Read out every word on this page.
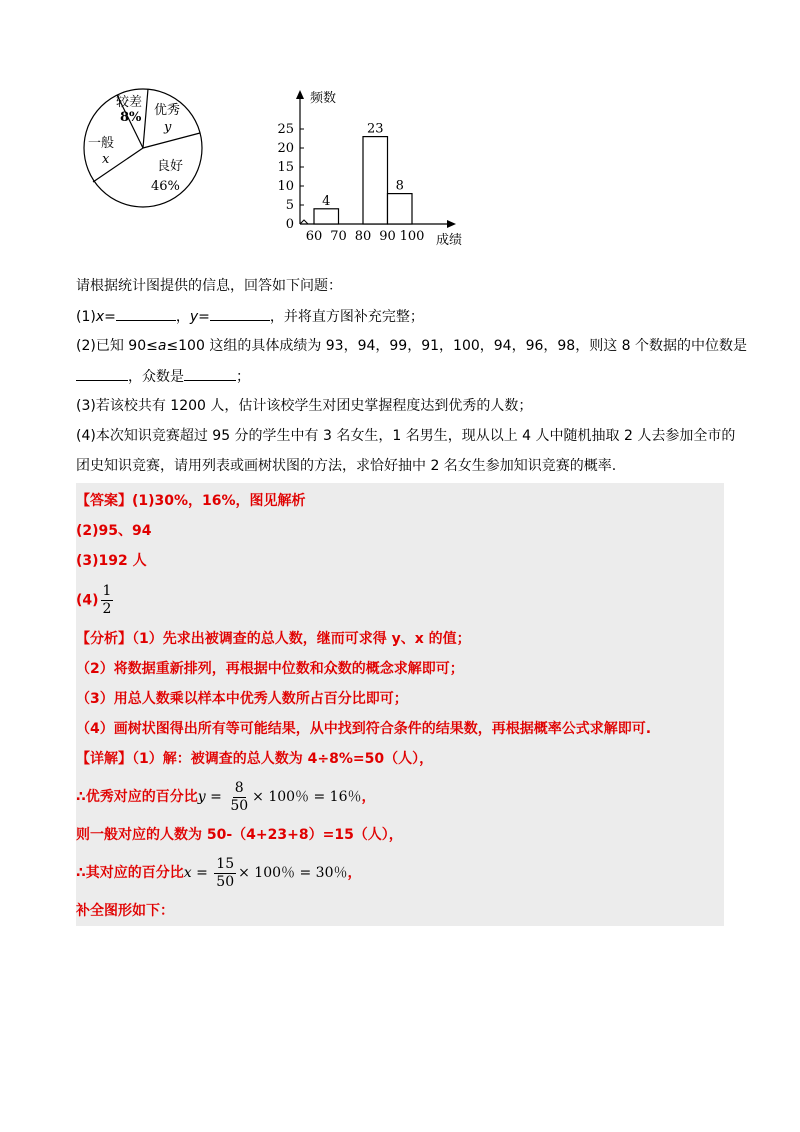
较差
8% 优秀
y
一般
x	良好
46%
0
5
10
15
20
25
60 70 80 90 100
4
23
8
频数
成绩
请根据统计图提供的信息，回答如下问题：
(1)x=	，y=	，并将直方图补充完整；
(2)已知 90≤a≤100 这组的具体成绩为 93，94，99，91，100，94，96，98，则这 8 个数据的中位数是
，众数是	；
(3)若该校共有 1200 人，估计该校学生对团史掌握程度达到优秀的人数；
(4)本次知识竞赛超过 95 分的学生中有 3 名女生，1 名男生，现从以上 4 人中随机抽取 2 人去参加全市的
团史知识竞赛，请用列表或画树状图的方法，求恰好抽中 2 名女生参加知识竞赛的概率.
【答案】(1)30%，16%，图见解析
(2)95、94
(3)192 人
$(4) \frac{1}{2}$
【分析】（1）先求出被调查的总人数，继而可求得 y、x 的值；
（2）将数据重新排列，再根据中位数和众数的概念求解即可；
（3）用总人数乘以样本中优秀人数所占百分比即可；
（4）画树状图得出所有等可能结果，从中找到符合条件的结果数，再根据概率公式求解即可.
【详解】（1）解：被调查的总人数为 4÷8%=50（人），
∴优秀对应的百分比$y = \frac{8}{50} \times 100$％ = 16％，
则一般对应的人数为 50-（4+23+8）=15（人），
∴其对应的百分比$x = \frac{15}{50} \times 100$％ = 30％，
补全图形如下：
